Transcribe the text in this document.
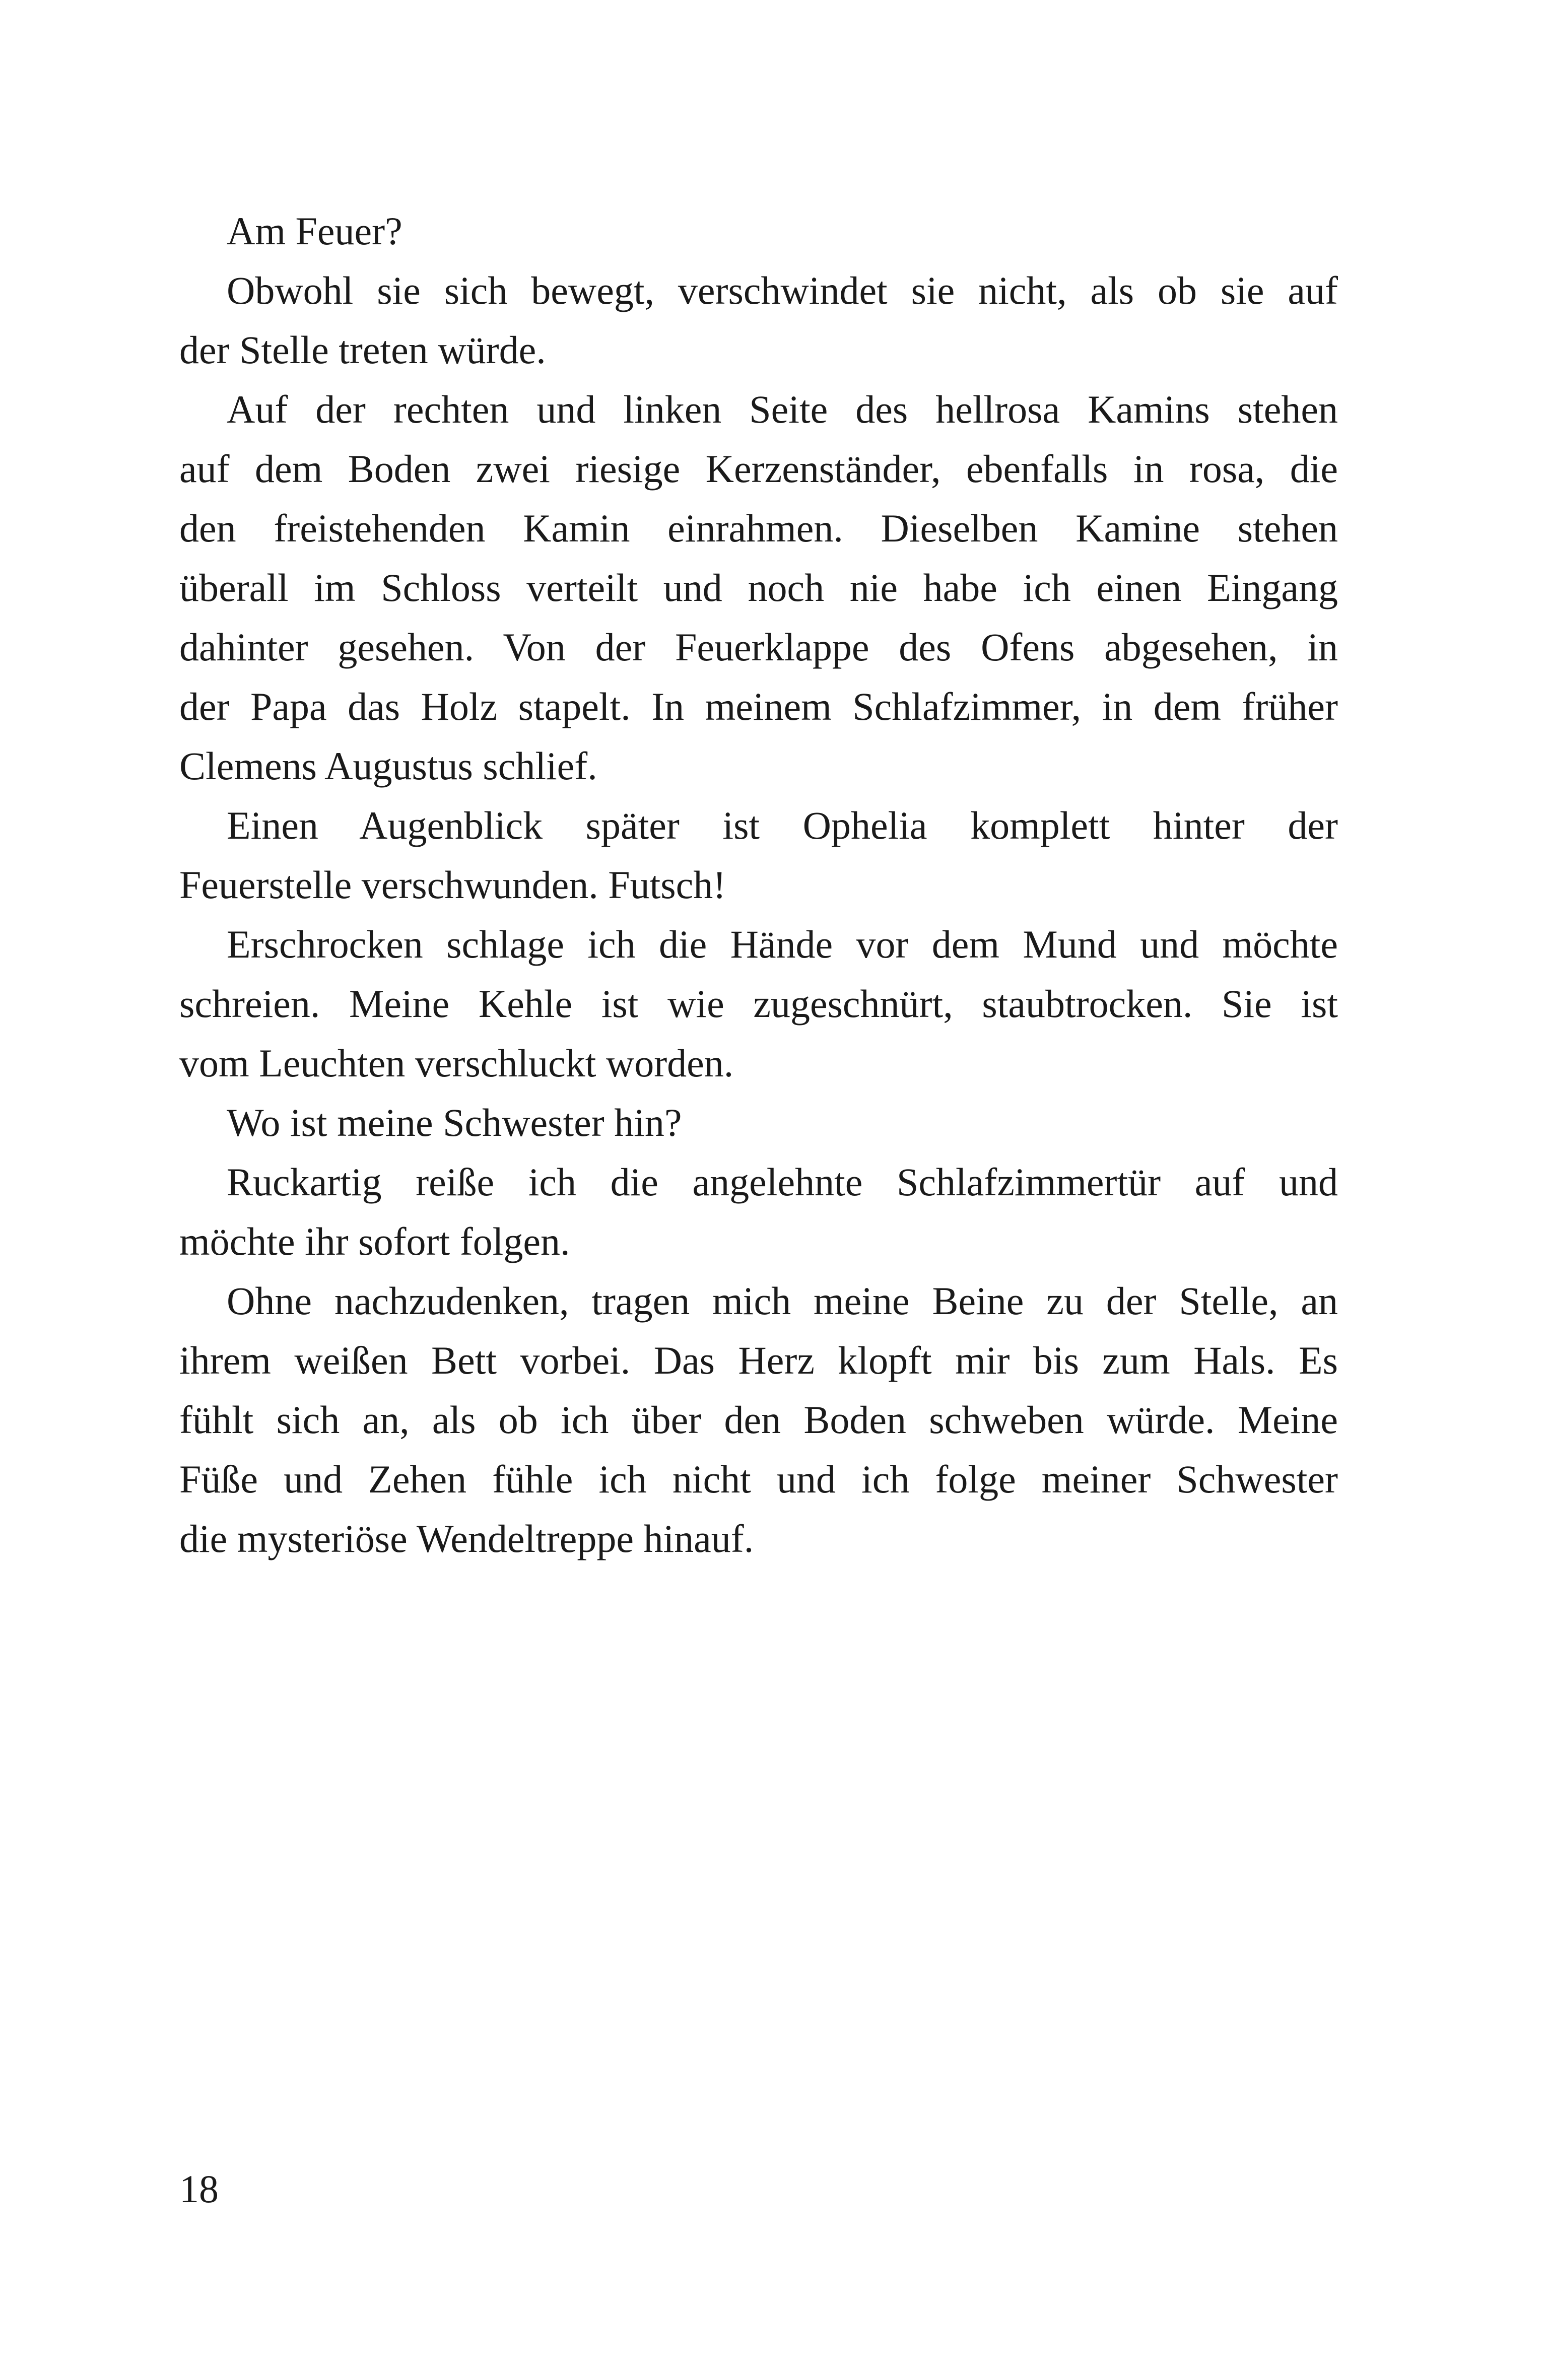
Am Feuer?
Obwohl sie sich bewegt, verschwindet sie nicht, als ob sie auf
der Stelle treten würde.
Auf der rechten und linken Seite des hellrosa Kamins stehen
auf dem Boden zwei riesige Kerzenständer, ebenfalls in rosa, die
den freistehenden Kamin einrahmen. Dieselben Kamine stehen
überall im Schloss verteilt und noch nie habe ich einen Eingang
dahinter gesehen. Von der Feuerklappe des Ofens abgesehen, in
der Papa das Holz stapelt. In meinem Schlafzimmer, in dem früher
Clemens Augustus schlief.
Einen Augenblick später ist Ophelia komplett hinter der
Feuerstelle verschwunden. Futsch!
Erschrocken schlage ich die Hände vor dem Mund und möchte
schreien. Meine Kehle ist wie zugeschnürt, staubtrocken. Sie ist
vom Leuchten verschluckt worden.
Wo ist meine Schwester hin?
Ruckartig reiße ich die angelehnte Schlafzimmertür auf und
möchte ihr sofort folgen.
Ohne nachzudenken, tragen mich meine Beine zu der Stelle, an
ihrem weißen Bett vorbei. Das Herz klopft mir bis zum Hals. Es
fühlt sich an, als ob ich über den Boden schweben würde. Meine
Füße und Zehen fühle ich nicht und ich folge meiner Schwester
die mysteriöse Wendeltreppe hinauf.
18
